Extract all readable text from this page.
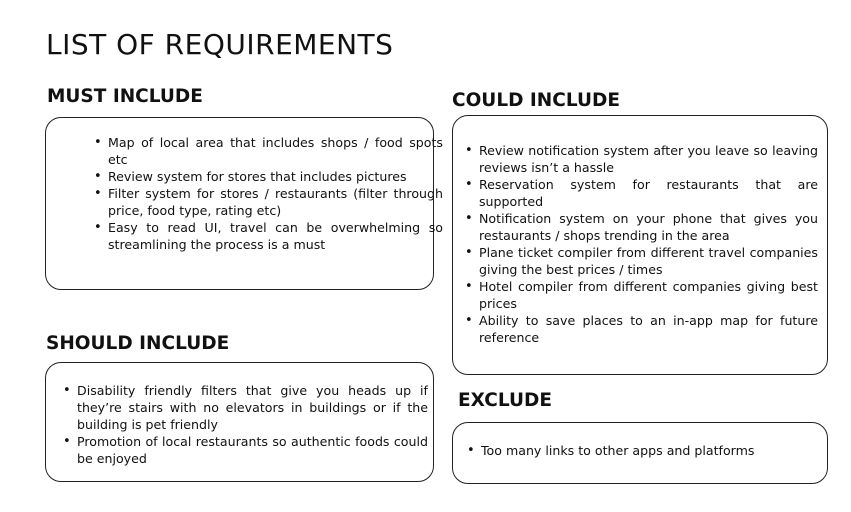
LIST OF REQUIREMENTS
MUST INCLUDE
• Map of local area that includes shops / food spots etc
• Review system for stores that includes pictures
• Filter system for stores / restaurants (filter through price, food type, rating etc)
• Easy to read UI, travel can be overwhelming so streamlining the process is a must
COULD INCLUDE
• Review notification system after you leave so leaving reviews isn’t a hassle
• Reservation system for restaurants that are supported
• Notification system on your phone that gives you restaurants / shops trending in the area
• Plane ticket compiler from different travel companies giving the best prices / times
• Hotel compiler from different companies giving best prices
• Ability to save places to an in-app map for future reference
SHOULD INCLUDE
• Disability friendly filters that give you heads up if they’re stairs with no elevators in buildings or if the building is pet friendly
• Promotion of local restaurants so authentic foods could be enjoyed
EXCLUDE
• Too many links to other apps and platforms
